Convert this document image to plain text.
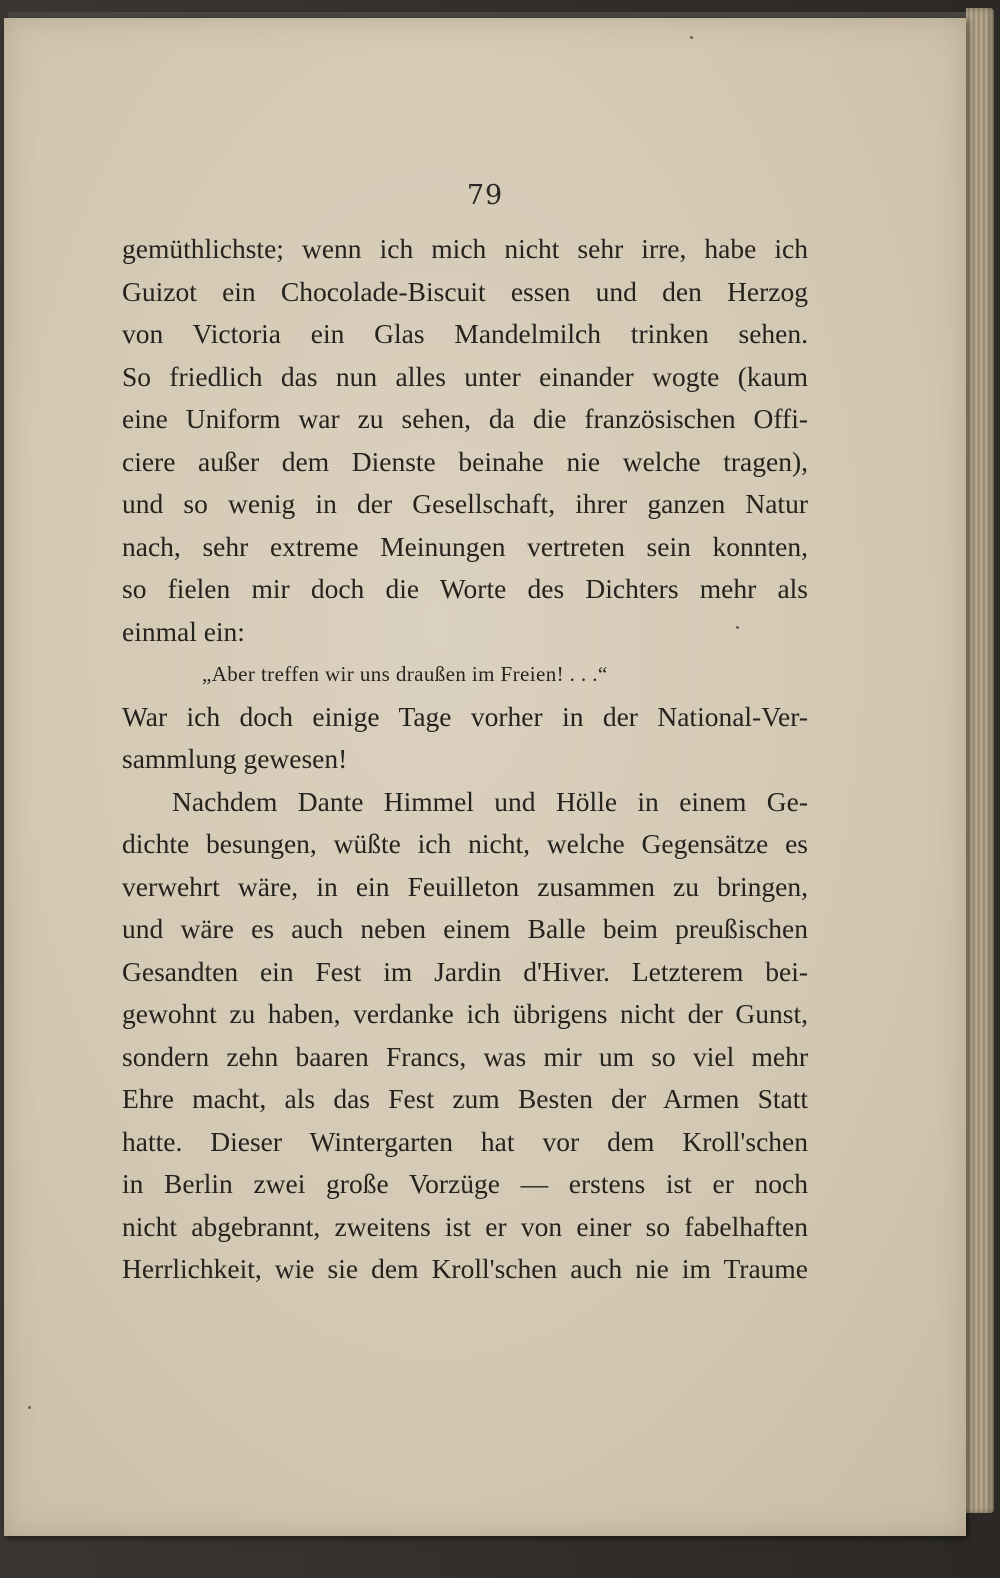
79
gemüthlichste; wenn ich mich nicht sehr irre, habe ich
Guizot ein Chocolade-Biscuit essen und den Herzog
von Victoria ein Glas Mandelmilch trinken sehen.
So friedlich das nun alles unter einander wogte (kaum
eine Uniform war zu sehen, da die französischen Offi-
ciere außer dem Dienste beinahe nie welche tragen),
und so wenig in der Gesellschaft, ihrer ganzen Natur
nach, sehr extreme Meinungen vertreten sein konnten,
so fielen mir doch die Worte des Dichters mehr als
einmal ein:
„Aber treffen wir uns draußen im Freien! . . .“
War ich doch einige Tage vorher in der National-Ver-
sammlung gewesen!
Nachdem Dante Himmel und Hölle in einem Ge-
dichte besungen, wüßte ich nicht, welche Gegensätze es
verwehrt wäre, in ein Feuilleton zusammen zu bringen,
und wäre es auch neben einem Balle beim preußischen
Gesandten ein Fest im Jardin d'Hiver. Letzterem bei-
gewohnt zu haben, verdanke ich übrigens nicht der Gunst,
sondern zehn baaren Francs, was mir um so viel mehr
Ehre macht, als das Fest zum Besten der Armen Statt
hatte. Dieser Wintergarten hat vor dem Kroll'schen
in Berlin zwei große Vorzüge — erstens ist er noch
nicht abgebrannt, zweitens ist er von einer so fabelhaften
Herrlichkeit, wie sie dem Kroll'schen auch nie im Traume
